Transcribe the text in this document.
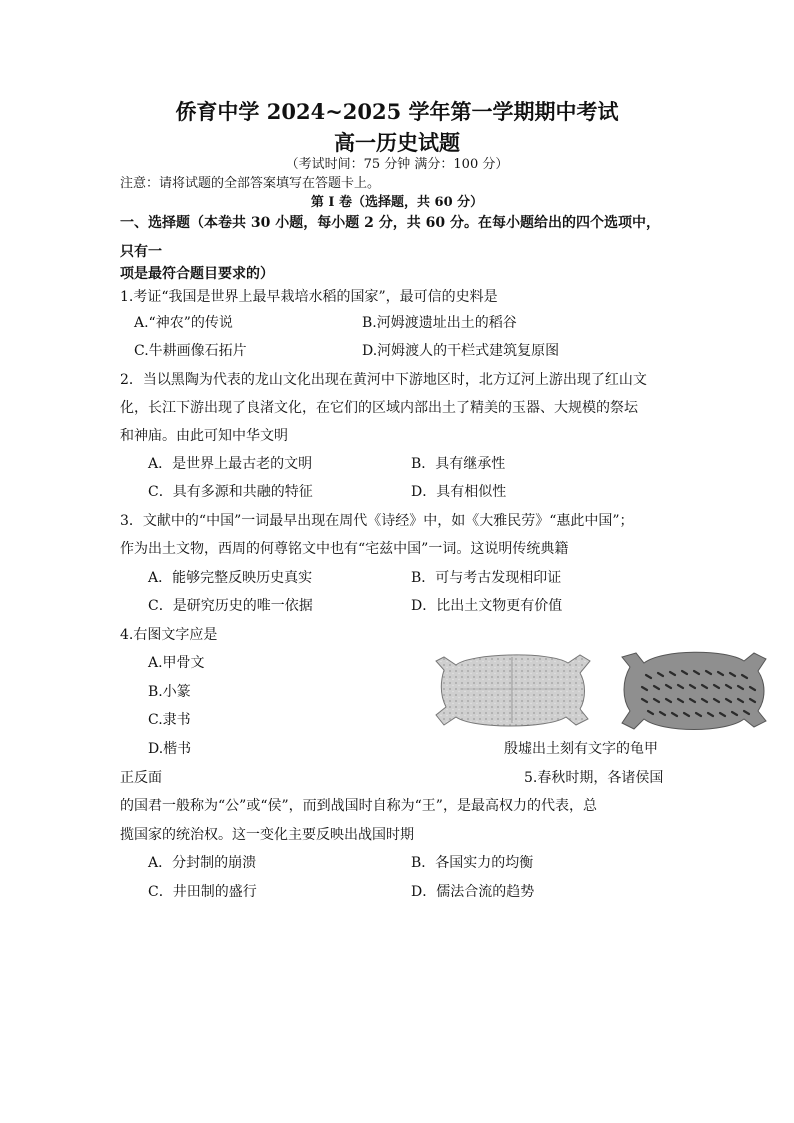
侨育中学 2024~2025 学年第一学期期中考试
高一历史试题
（考试时间：75 分钟 满分：100 分）
注意：请将试题的全部答案填写在答题卡上。
第 I 卷（选择题，共 60 分）
一、选择题（本卷共 30 小题，每小题 2 分，共 60 分。在每小题给出的四个选项中，
只有一
项是最符合题目要求的）
1.考证“我国是世界上最早栽培水稻的国家”，最可信的史料是
A.“神农”的传说	B.河姆渡遗址出土的稻谷
C.牛耕画像石拓片	D.河姆渡人的干栏式建筑复原图
2．当以黑陶为代表的龙山文化出现在黄河中下游地区时，北方辽河上游出现了红山文
化，长江下游出现了良渚文化，在它们的区域内部出土了精美的玉器、大规模的祭坛
和神庙。由此可知中华文明
A．是世界上最古老的文明	B．具有继承性
C．具有多源和共融的特征	D．具有相似性
3．文献中的“中国”一词最早出现在周代《诗经》中，如《大雅民劳》“惠此中国”；
作为出土文物，西周的何尊铭文中也有“宅兹中国”一词。这说明传统典籍
A．能够完整反映历史真实	B．可与考古发现相印证
C．是研究历史的唯一依据	D．比出土文物更有价值
4.右图文字应是
A.甲骨文
B.小篆
C.隶书
D.楷书	殷墟出土刻有文字的龟甲
正反面	5.春秋时期，各诸侯国
的国君一般称为“公”或“侯”，而到战国时自称为“王”，是最高权力的代表，总
揽国家的统治权。这一变化主要反映出战国时期
A．分封制的崩溃	B．各国实力的均衡
C．井田制的盛行	D．儒法合流的趋势
